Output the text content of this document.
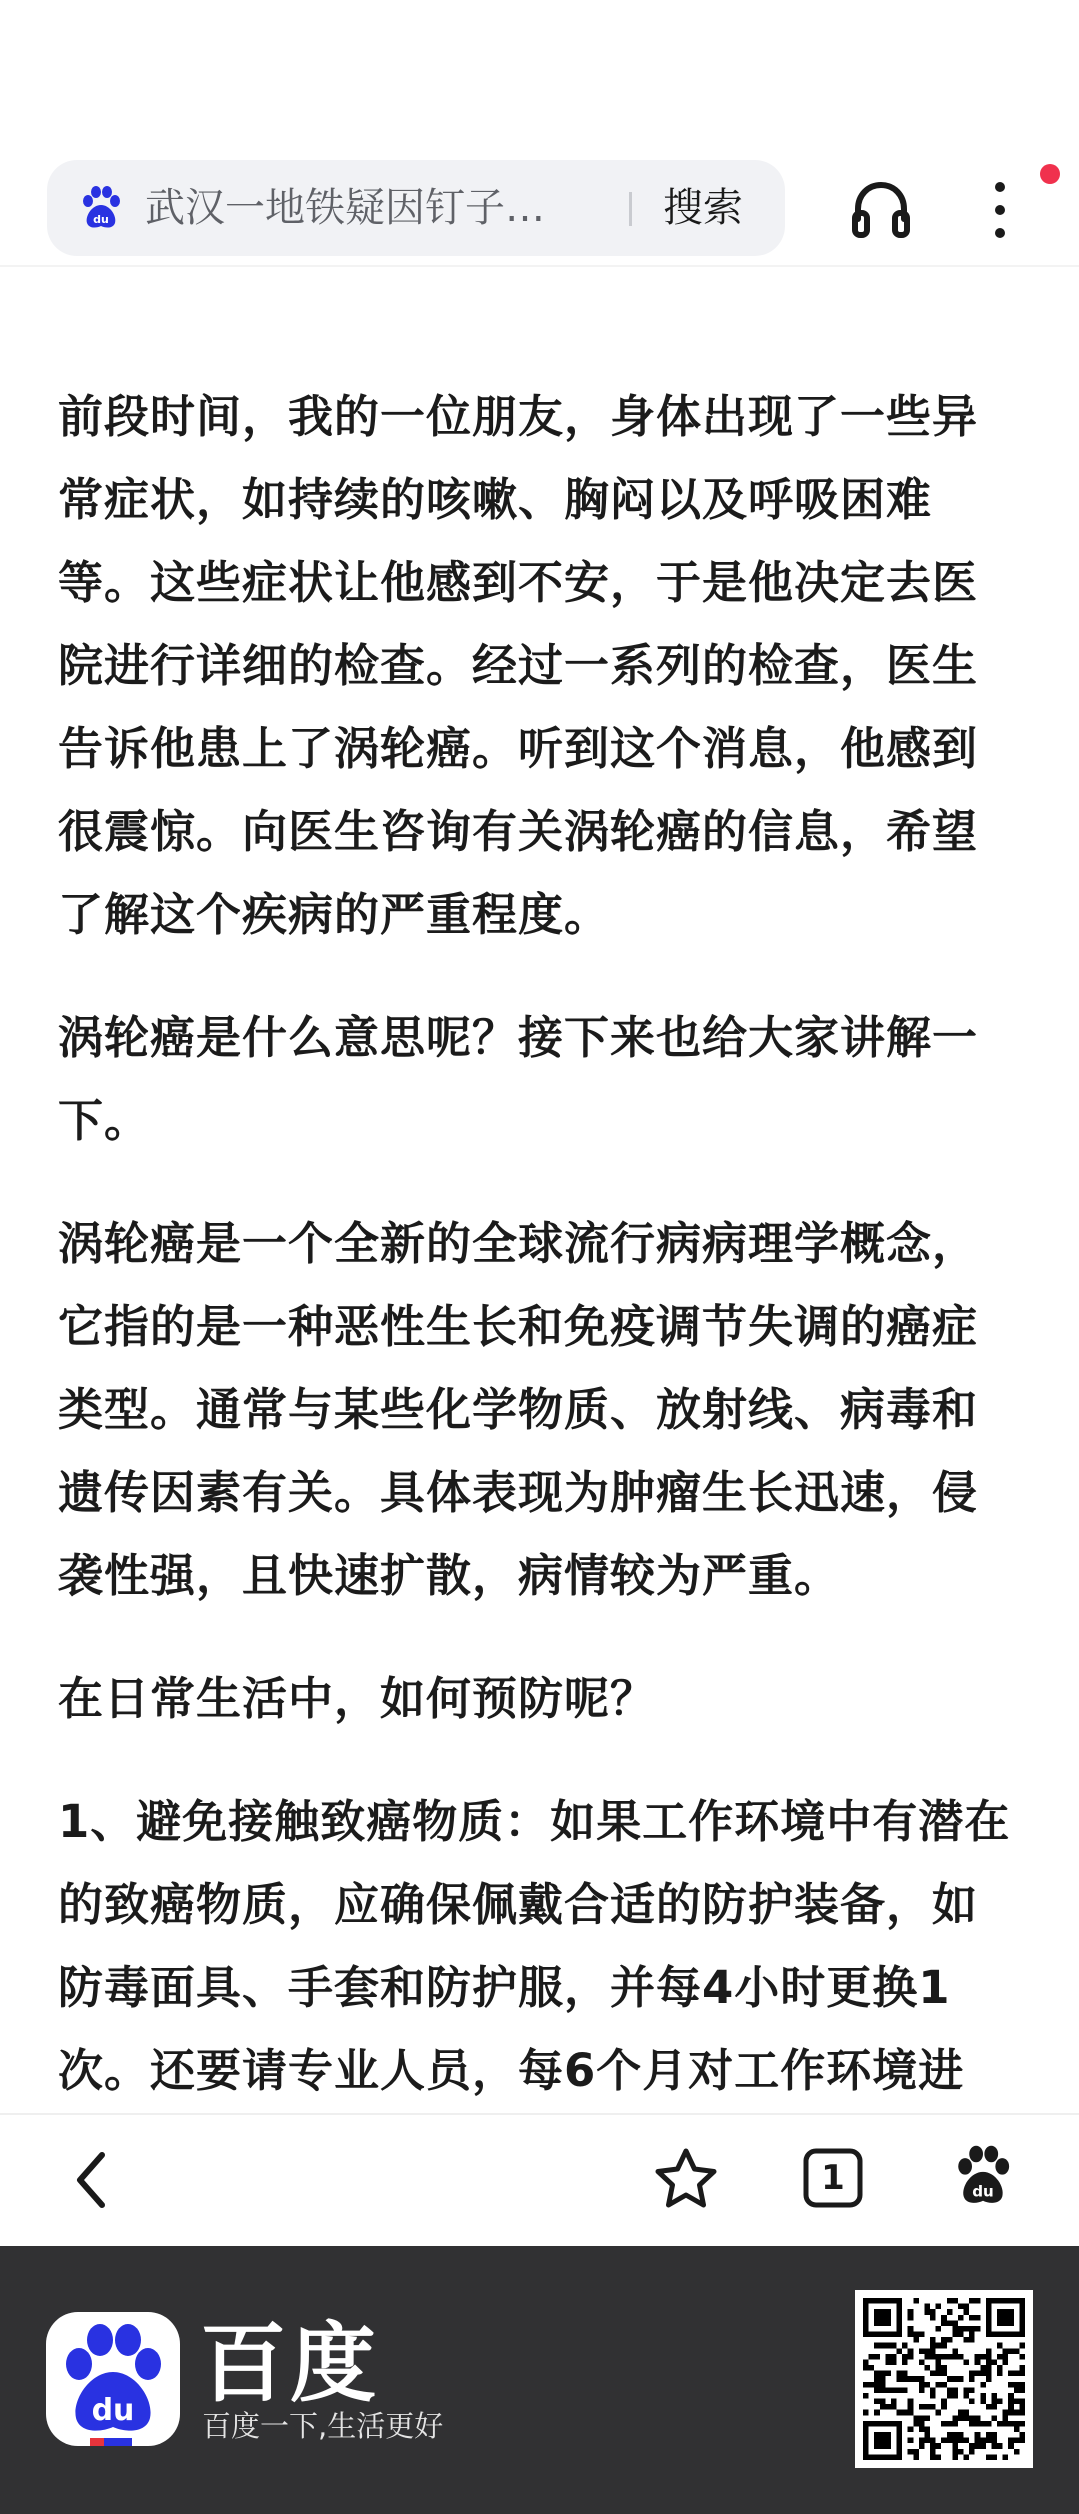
du 武汉一地铁疑因钉子…	搜索

前段时间，我的一位朋友，身体出现了一些异常症状，如持续的咳嗽、胸闷以及呼吸困难等。这些症状让他感到不安，于是他决定去医院进行详细的检查。经过一系列的检查，医生告诉他患上了涡轮癌。听到这个消息，他感到很震惊。向医生咨询有关涡轮癌的信息，希望了解这个疾病的严重程度。

涡轮癌是什么意思呢？接下来也给大家讲解一下。

涡轮癌是一个全新的全球流行病病理学概念，它指的是一种恶性生长和免疫调节失调的癌症类型。通常与某些化学物质、放射线、病毒和遗传因素有关。具体表现为肿瘤生长迅速，侵袭性强，且快速扩散，病情较为严重。

在日常生活中，如何预防呢？

1、避免接触致癌物质：如果工作环境中有潜在的致癌物质，应确保佩戴合适的防护装备，如防毒面具、手套和防护服，并每4小时更换1次。还要请专业人员，每6个月对工作环境进

1	du
du 百度
百度一下,生活更好
